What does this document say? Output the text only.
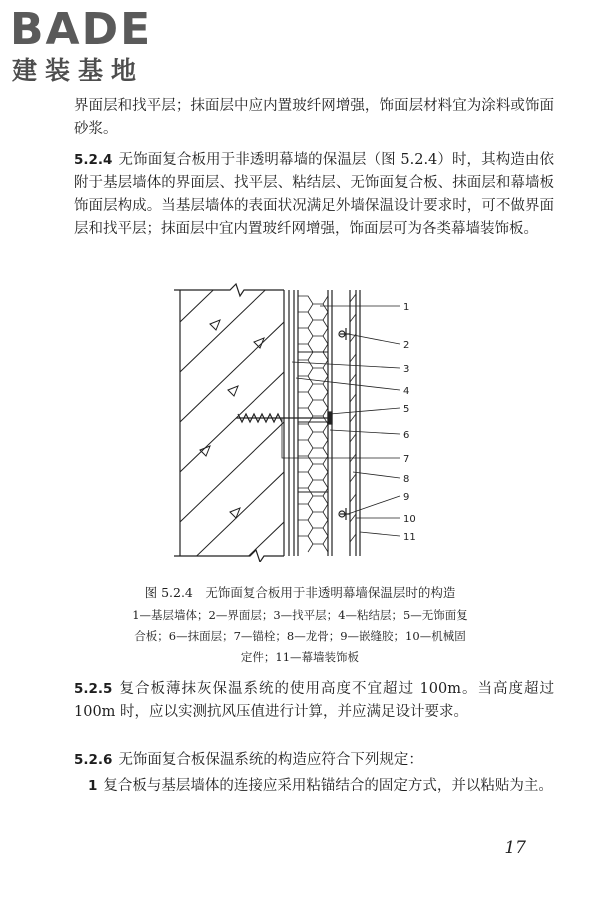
BADE
建装基地

界面层和找平层；抹面层中应内置玻纤网增强，饰面层材料宜为涂料或饰面砂浆。

5.2.4 无饰面复合板用于非透明幕墙的保温层（图 5.2.4）时，其构造由依附于基层墙体的界面层、找平层、粘结层、无饰面复合板、抹面层和幕墙板饰面层构成。当基层墙体的表面状况满足外墙保温设计要求时，可不做界面层和找平层；抹面层中宜内置玻纤网增强，饰面层可为各类幕墙装饰板。

1
2
3
4
5
6
7
8
9
10
11

图 5.2.4　无饰面复合板用于非透明幕墙保温层时的构造

1—基层墙体；2—界面层；3—找平层；4—粘结层；5—无饰面复

合板；6—抹面层；7—锚栓；8—龙骨；9—嵌缝胶；10—机械固

定件；11—幕墙装饰板

5.2.5 复合板薄抹灰保温系统的使用高度不宜超过 100m。当高度超过 100m 时，应以实测抗风压值进行计算，并应满足设计要求。

5.2.6 无饰面复合板保温系统的构造应符合下列规定：

1 复合板与基层墙体的连接应采用粘锚结合的固定方式，并以粘贴为主。

17
